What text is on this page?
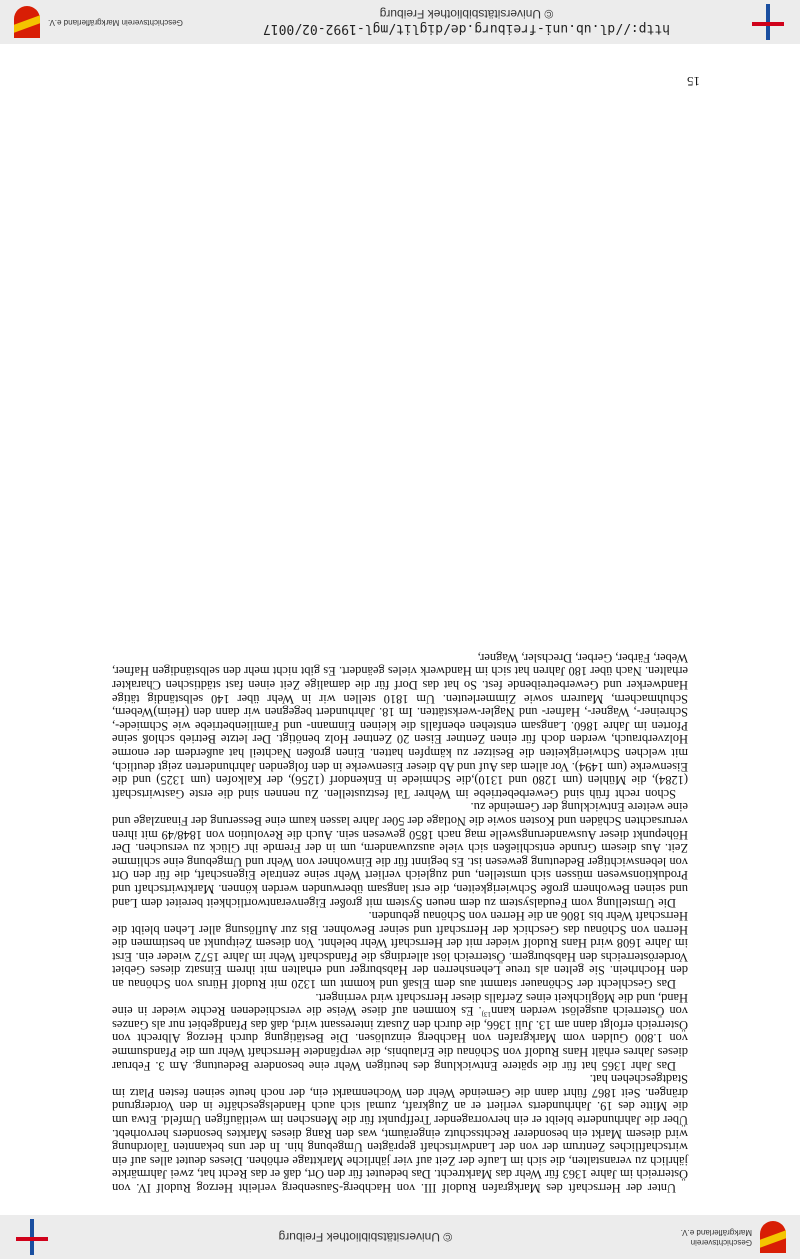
Geschichtsverein
Markgräflerland e.V.
© Universitätsbibliothek Freiburg

Unter der Herrschaft des Markgrafen Rudolf III. von Hachberg-Sausenberg verleiht Herzog Rudolf IV. von Österreich im Jahre 1363 für Wehr das Marktrecht. Das bedeutet für den Ort, daß er das Recht hat, zwei Jahrmärkte jährlich zu veranstalten, die sich im Laufe der Zeit auf vier jährliche Markttage erhöhen. Dieses deutet alles auf ein wirtschaftliches Zentrum der von der Landwirtschaft geprägten Umgebung hin. In der uns bekannten Talordnung wird diesem Markt ein besonderer Rechtsschutz eingeräumt, was den Rang dieses Marktes besonders hervorhebt. Über die Jahrhunderte bleibt er ein hervorragender Treffpunkt für die Menschen im weitläufigen Umfeld. Etwa um die Mitte des 19. Jahrhunderts verliert er an Zugkraft, zumal sich auch Handelsgeschäfte in den Vordergrund drängen. Seit 1867 führt dann die Gemeinde Wehr den Wochenmarkt ein, der noch heute seinen festen Platz im Stadtgeschehen hat.

Das Jahr 1365 hat für die spätere Entwicklung des heutigen Wehr eine besondere Bedeutung. Am 3. Februar dieses Jahres erhält Hans Rudolf von Schönau die Erlaubnis, die verpfändete Herrschaft Wehr um die Pfandsumme von 1.800 Gulden vom Markgrafen von Hachberg einzulösen. Die Bestätigung durch Herzog Albrecht von Österreich erfolgt dann am 13. Juli 1366, die durch den Zusatz interessant wird, daß das Pfandgebiet nur als Ganzes von Österreich ausgelöst werden kann$^{13)}$. Es kommen auf diese Weise die verschiedenen Rechte wieder in eine Hand, und die Möglichkeit eines Zerfalls dieser Herrschaft wird verringert.

Das Geschlecht der Schönauer stammt aus dem Elsaß und kommt um 1320 mit Rudolf Hürus von Schönau an den Hochrhein. Sie gelten als treue Lehensherren der Habsburger und erhalten mit ihrem Einsatz dieses Gebiet Vorderösterreichs den Habsburgern. Österreich löst allerdings die Pfandschaft Wehr im Jahre 1572 wieder ein. Erst im Jahre 1608 wird Hans Rudolf wieder mit der Herrschaft Wehr belehnt. Von diesem Zeitpunkt an bestimmen die Herren von Schönau das Geschick der Herrschaft und seiner Bewohner. Bis zur Auflösung aller Lehen bleibt die Herrschaft Wehr bis 1806 an die Herren von Schönau gebunden.

Die Umstellung vom Feudalsystem zu dem neuen System mit großer Eigenverantwortlichkeit bereitet dem Land und seinen Bewohnern große Schwierigkeiten, die erst langsam überwunden werden können. Marktwirtschaft und Produktionswesen müssen sich umstellen, und zugleich verliert Wehr seine zentrale Eigenschaft, die für den Ort von lebenswichtiger Bedeutung gewesen ist. Es beginnt für die Einwohner von Wehr und Umgebung eine schlimme Zeit. Aus diesem Grunde entschließen sich viele auszuwandern, um in der Fremde ihr Glück zu versuchen. Der Höhepunkt dieser Auswanderungswelle mag nach 1850 gewesen sein. Auch die Revolution von 1848/49 mit ihren verursachten Schäden und Kosten sowie die Notlage der 50er Jahre lassen kaum eine Besserung der Finanzlage und eine weitere Entwicklung der Gemeinde zu.

Schon recht früh sind Gewerbebetriebe im Wehrer Tal festzustellen. Zu nennen sind die erste Gastwirtschaft (1284), die Mühlen (um 1280 und 1310),die Schmiede in Enkendorf (1256), der Kalkofen (um 1325) und die Eisenwerke (um 1494). Vor allem das Auf und Ab dieser Eisenwerke in den folgenden Jahrhunderten zeigt deutlich, mit welchen Schwierigkeiten die Besitzer zu kämpfen hatten. Einen großen Nachteil hat außerdem der enorme Holzverbrauch, werden doch für einen Zentner Eisen 20 Zentner Holz benötigt. Der letzte Betrieb schloß seine Pforten im Jahre 1860. Langsam entstehen ebenfalls die kleinen Einmann- und Familienbetriebe wie Schmiede-, Schreiner-, Wagner-, Hafner- und Nagler-werkstätten. Im 18. Jahrhundert begegnen wir dann den (Heim)Webern, Schuhmachern, Maurern sowie Zimmerleuten. Um 1810 stellen wir in Wehr über 140 selbständig tätige Handwerker und Gewerbetreibende fest. So hat das Dorf für die damalige Zeit einen fast städtischen Charakter erhalten. Nach über 180 Jahren hat sich im Handwerk vieles geändert. Es gibt nicht mehr den selbständigen Hafner, Weber, Färber, Gerber, Drechsler, Wagner,

15
http://dl.ub.uni-freiburg.de/diglit/mgl-1992-02/0017
© Universitätsbibliothek Freiburg
Geschichtsverein Markgräflerland e.V.
